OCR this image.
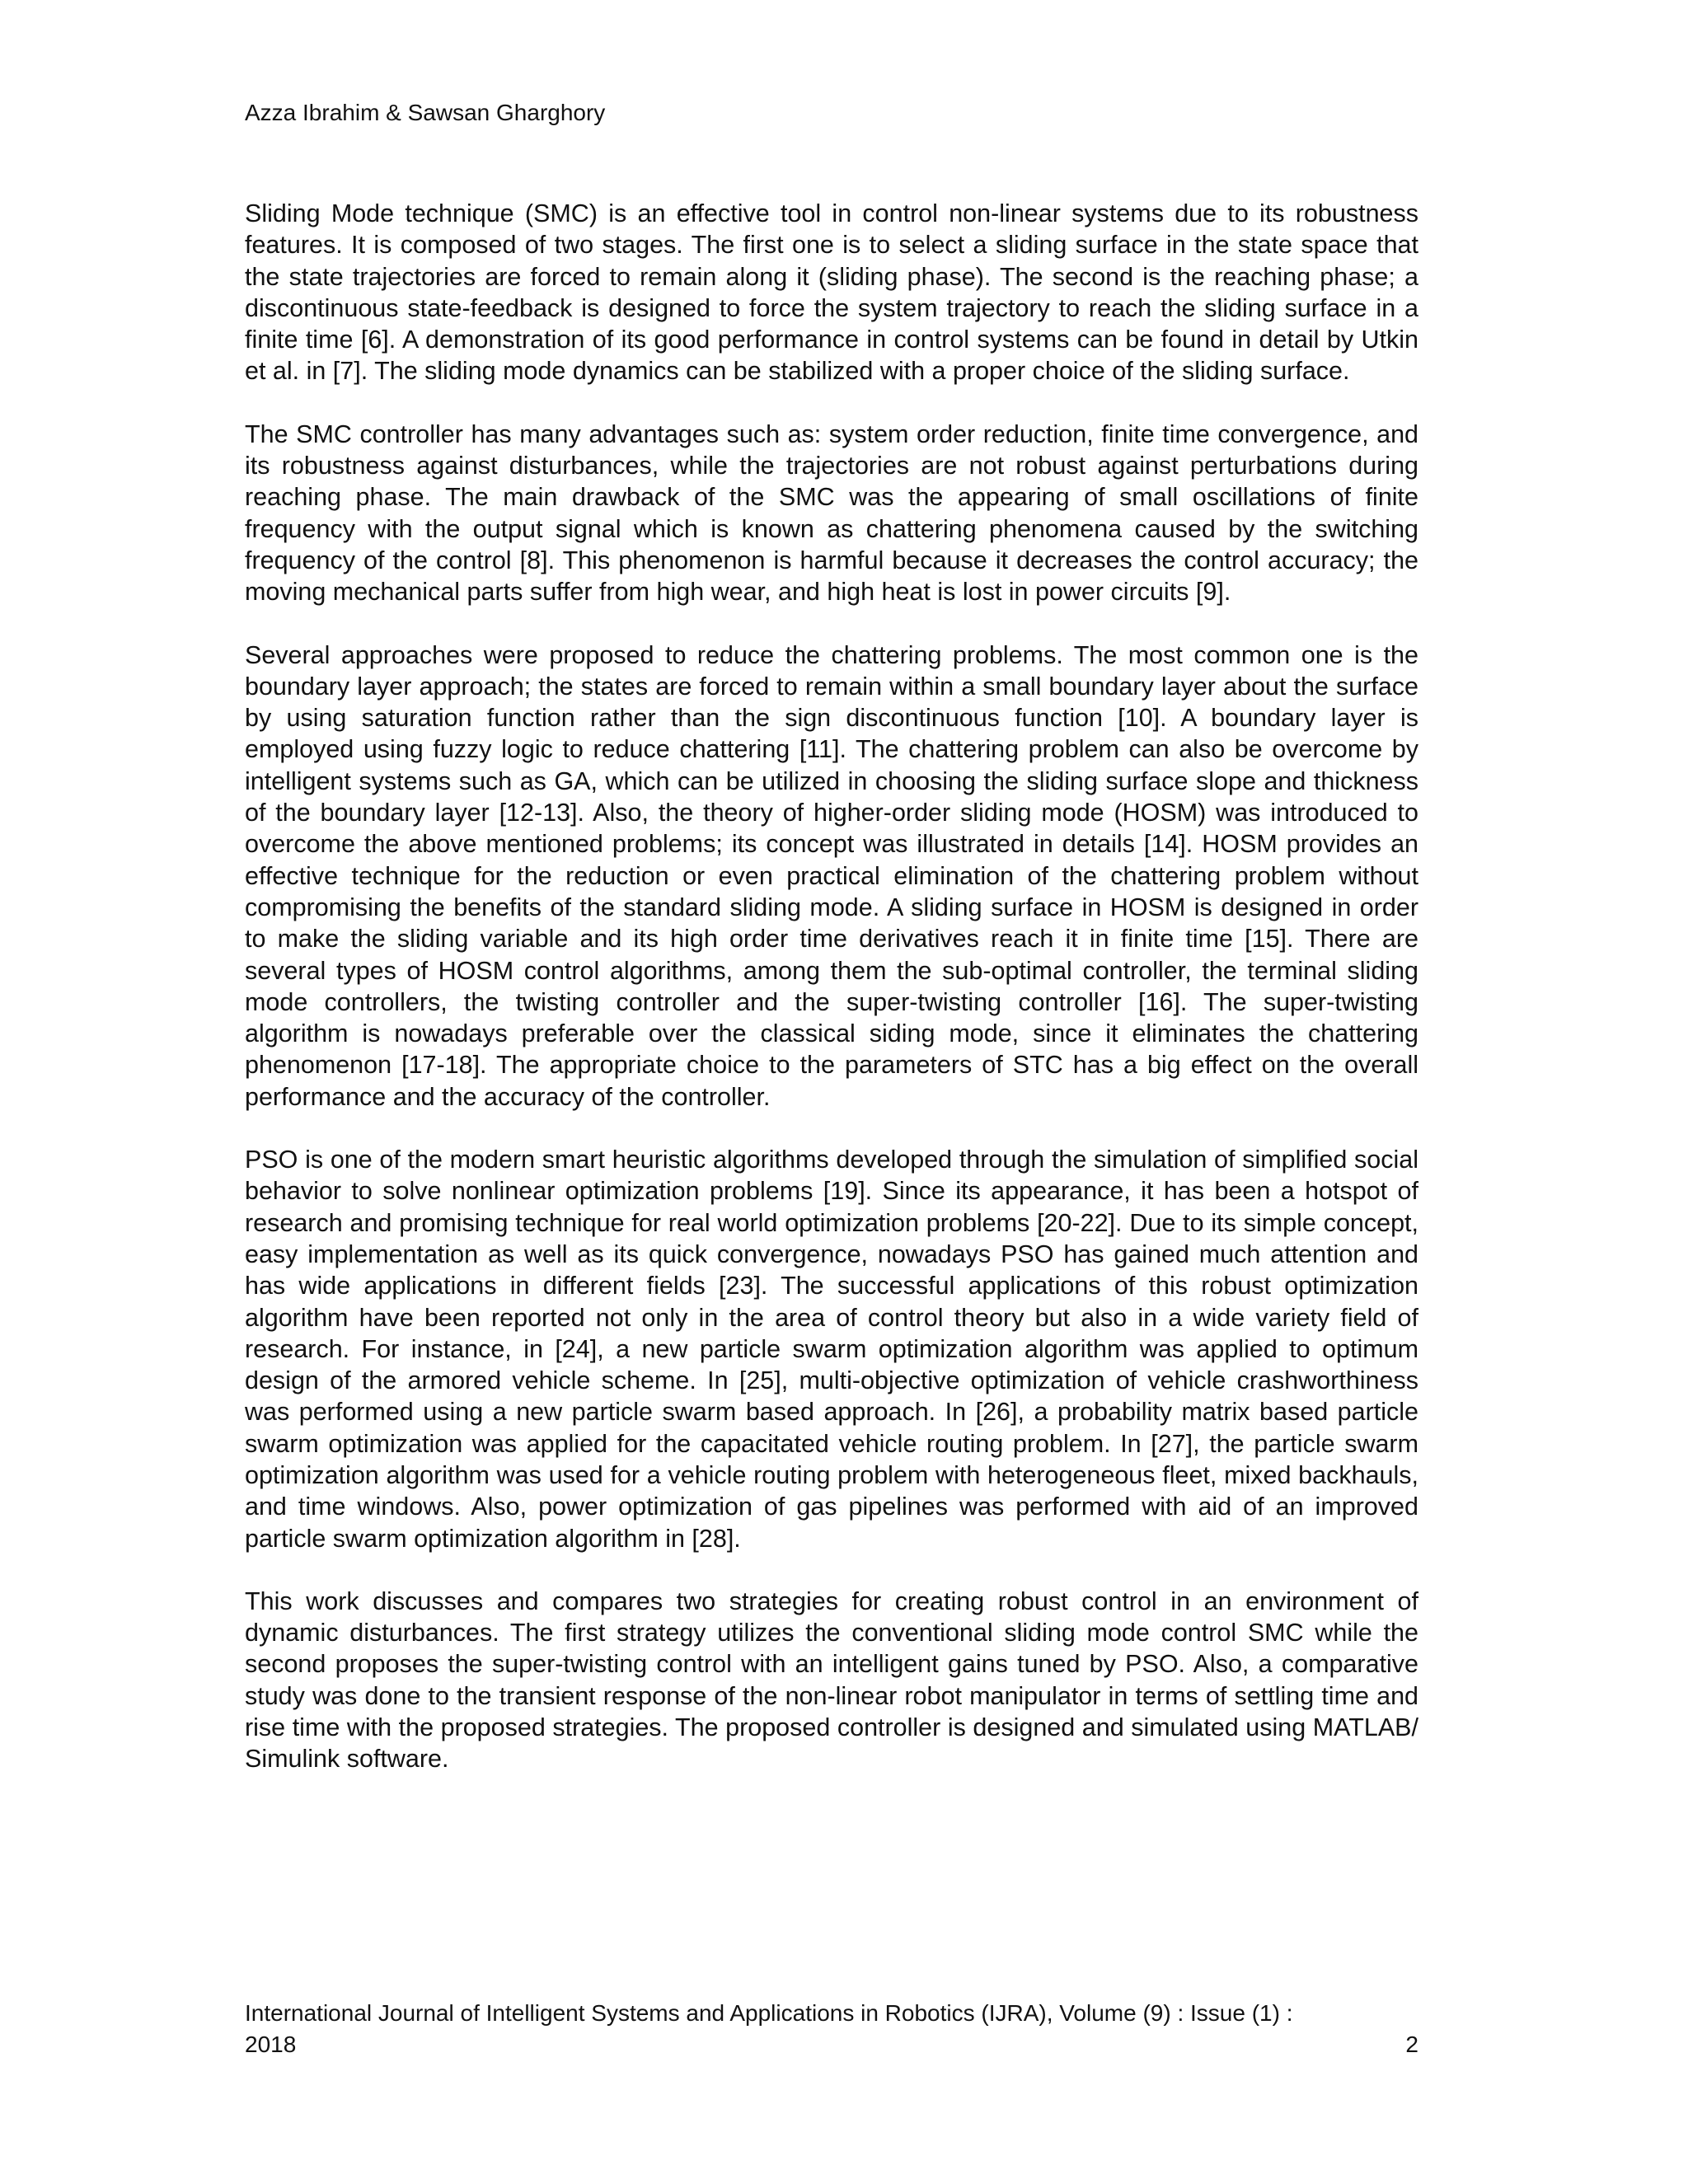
Azza Ibrahim & Sawsan Gharghory

Sliding Mode technique (SMC) is an effective tool in control non-linear systems due to its robustness features. It is composed of two stages. The first one is to select a sliding surface in the state space that the state trajectories are forced to remain along it (sliding phase). The second is the reaching phase; a discontinuous state-feedback is designed to force the system trajectory to reach the sliding surface in a finite time [6]. A demonstration of its good performance in control systems can be found in detail by Utkin et al. in [7]. The sliding mode dynamics can be stabilized with a proper choice of the sliding surface.

The SMC controller has many advantages such as: system order reduction, finite time convergence, and its robustness against disturbances, while the trajectories are not robust against perturbations during reaching phase. The main drawback of the SMC was the appearing of small oscillations of finite frequency with the output signal which is known as chattering phenomena caused by the switching frequency of the control [8]. This phenomenon is harmful because it decreases the control accuracy; the moving mechanical parts suffer from high wear, and high heat is lost in power circuits [9].

Several approaches were proposed to reduce the chattering problems. The most common one is the boundary layer approach; the states are forced to remain within a small boundary layer about the surface by using saturation function rather than the sign discontinuous function [10]. A boundary layer is employed using fuzzy logic to reduce chattering [11]. The chattering problem can also be overcome by intelligent systems such as GA, which can be utilized in choosing the sliding surface slope and thickness of the boundary layer [12-13]. Also, the theory of higher-order sliding mode (HOSM) was introduced to overcome the above mentioned problems; its concept was illustrated in details [14]. HOSM provides an effective technique for the reduction or even practical elimination of the chattering problem without compromising the benefits of the standard sliding mode. A sliding surface in HOSM is designed in order to make the sliding variable and its high order time derivatives reach it in finite time [15]. There are several types of HOSM control algorithms, among them the sub-optimal controller, the terminal sliding mode controllers, the twisting controller and the super-twisting controller [16]. The super-twisting algorithm is nowadays preferable over the classical siding mode, since it eliminates the chattering phenomenon [17-18]. The appropriate choice to the parameters of STC has a big effect on the overall performance and the accuracy of the controller.

PSO is one of the modern smart heuristic algorithms developed through the simulation of simplified social behavior to solve nonlinear optimization problems [19]. Since its appearance, it has been a hotspot of research and promising technique for real world optimization problems [20-22]. Due to its simple concept, easy implementation as well as its quick convergence, nowadays PSO has gained much attention and has wide applications in different fields [23]. The successful applications of this robust optimization algorithm have been reported not only in the area of control theory but also in a wide variety field of research. For instance, in [24], a new particle swarm optimization algorithm was applied to optimum design of the armored vehicle scheme. In [25], multi-objective optimization of vehicle crashworthiness was performed using a new particle swarm based approach. In [26], a probability matrix based particle swarm optimization was applied for the capacitated vehicle routing problem. In [27], the particle swarm optimization algorithm was used for a vehicle routing problem with heterogeneous fleet, mixed backhauls, and time windows. Also, power optimization of gas pipelines was performed with aid of an improved particle swarm optimization algorithm in [28].

This work discusses and compares two strategies for creating robust control in an environment of dynamic disturbances. The first strategy utilizes the conventional sliding mode control SMC while the second proposes the super-twisting control with an intelligent gains tuned by PSO. Also, a comparative study was done to the transient response of the non-linear robot manipulator in terms of settling time and rise time with the proposed strategies. The proposed controller is designed and simulated using MATLAB/ Simulink software.

International Journal of Intelligent Systems and Applications in Robotics (IJRA), Volume (9) : Issue (1) :
2018	2
